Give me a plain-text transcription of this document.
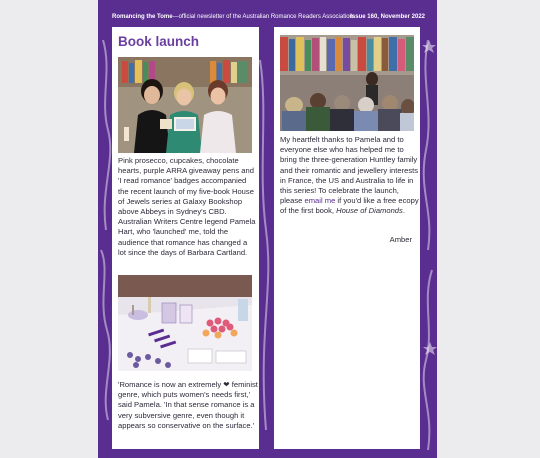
Romancing the Tome—official newsletter of the Australian Romance Readers Association
Issue 160, November 2022
Book launch

Pink prosecco, cupcakes, chocolate hearts, purple ARRA giveaway pens and 'I read romance' badges accompanied the recent launch of my five-book House of Jewels series at Galaxy Bookshop above Abbeys in Sydney's CBD. Australian Writers Centre legend Pamela Hart, who 'launched' me, told the audience that romance has changed a lot since the days of Barbara Cartland.

'Romance is now an extremely ❤ feminist genre, which puts women's needs first,' said Pamela. 'In that sense romance is a very subversive genre, even though it appears so conservative on the surface.'

My heartfelt thanks to Pamela and to everyone else who has helped me to bring the three-generation Huntley family and their romantic and jewellery interests in France, the US and Australia to life in this series! To celebrate the launch, please email me if you'd like a free ecopy of the first book, House of Diamonds.

Amber
